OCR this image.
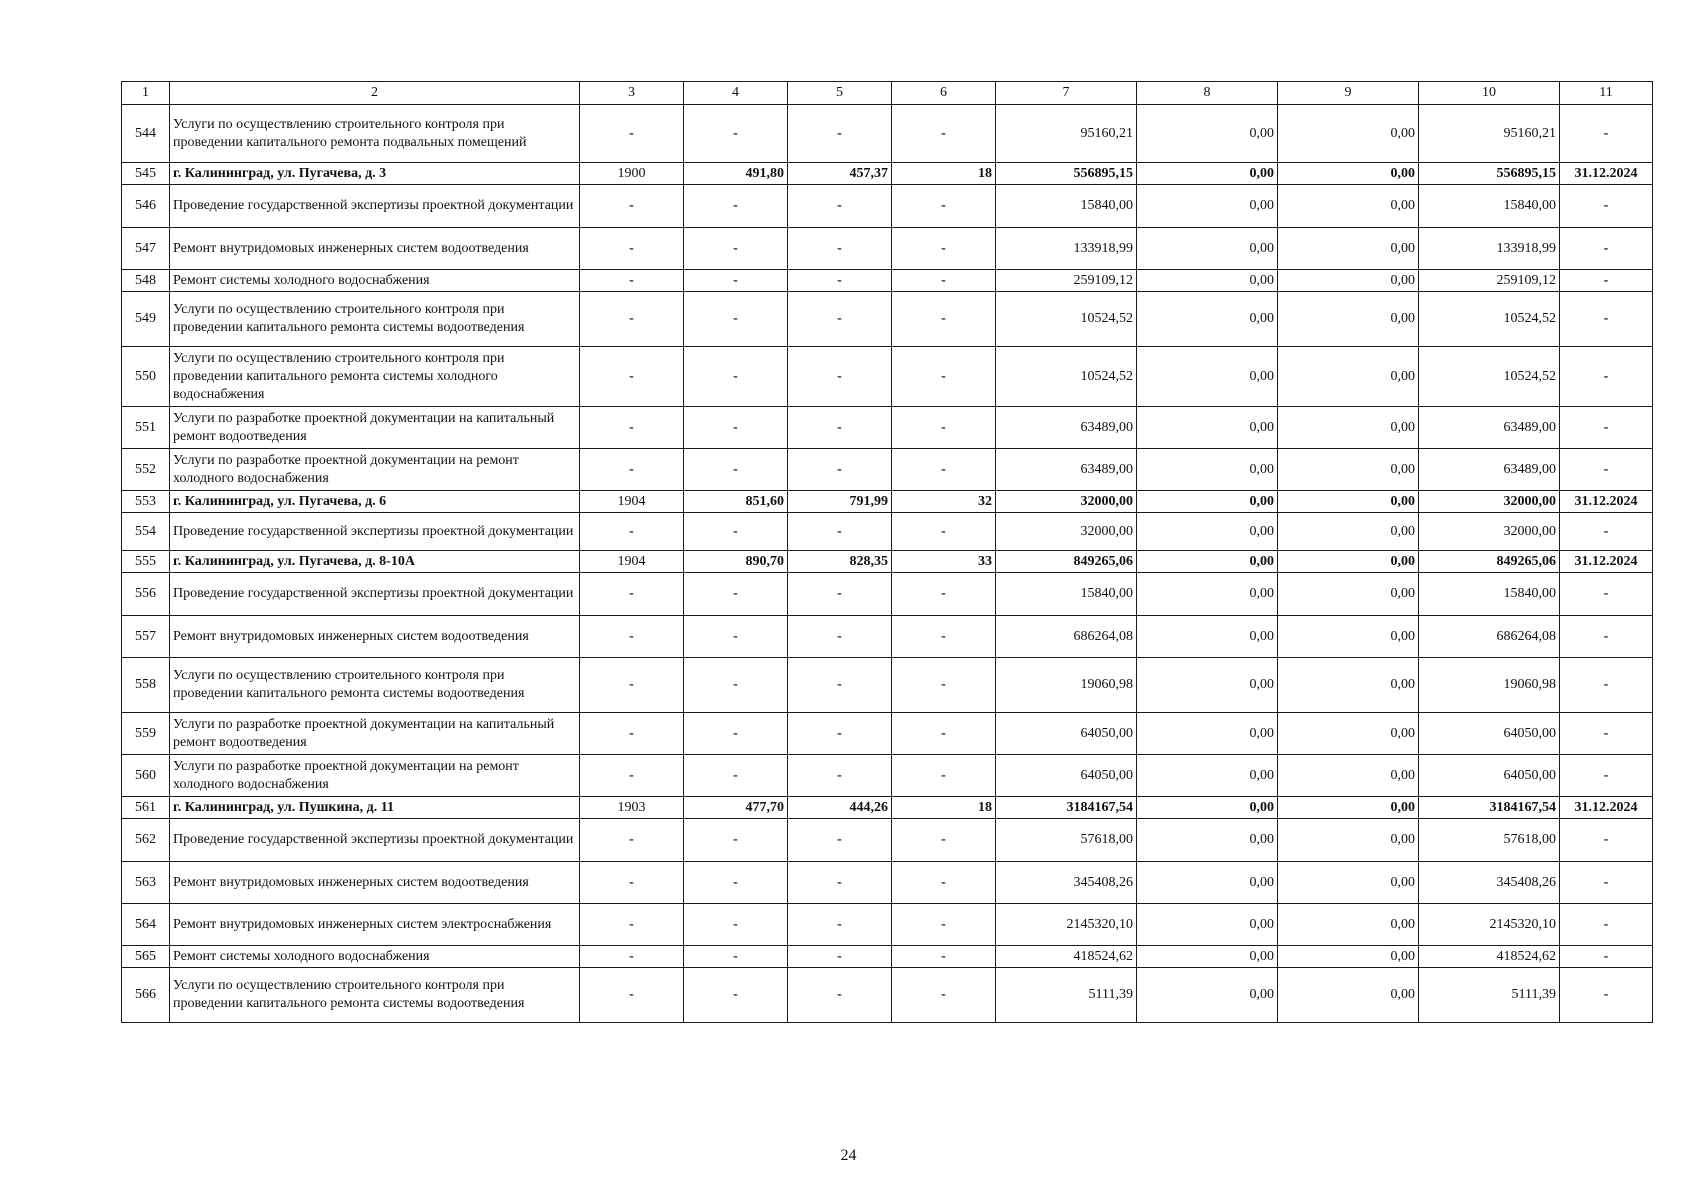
1	2	3	4	5	6	7	8	9	10	11
544	Услуги по осуществлению строительного контроля при проведении капитального ремонта подвальных помещений	-	-	-	-	95160,21	0,00	0,00	95160,21	-
545	г. Калининград, ул. Пугачева, д. 3	1900	491,80	457,37	18	556895,15	0,00	0,00	556895,15	31.12.2024
546	Проведение государственной экспертизы проектной документации	-	-	-	-	15840,00	0,00	0,00	15840,00	-
547	Ремонт внутридомовых инженерных систем водоотведения	-	-	-	-	133918,99	0,00	0,00	133918,99	-
548	Ремонт системы холодного водоснабжения	-	-	-	-	259109,12	0,00	0,00	259109,12	-
549	Услуги по осуществлению строительного контроля при проведении капитального ремонта системы водоотведения	-	-	-	-	10524,52	0,00	0,00	10524,52	-
550	Услуги по осуществлению строительного контроля при проведении капитального ремонта системы холодного водоснабжения	-	-	-	-	10524,52	0,00	0,00	10524,52	-
551	Услуги по разработке проектной документации на капитальный ремонт водоотведения	-	-	-	-	63489,00	0,00	0,00	63489,00	-
552	Услуги по разработке проектной документации на ремонт холодного водоснабжения	-	-	-	-	63489,00	0,00	0,00	63489,00	-
553	г. Калининград, ул. Пугачева, д. 6	1904	851,60	791,99	32	32000,00	0,00	0,00	32000,00	31.12.2024
554	Проведение государственной экспертизы проектной документации	-	-	-	-	32000,00	0,00	0,00	32000,00	-
555	г. Калининград, ул. Пугачева, д. 8-10А	1904	890,70	828,35	33	849265,06	0,00	0,00	849265,06	31.12.2024
556	Проведение государственной экспертизы проектной документации	-	-	-	-	15840,00	0,00	0,00	15840,00	-
557	Ремонт внутридомовых инженерных систем водоотведения	-	-	-	-	686264,08	0,00	0,00	686264,08	-
558	Услуги по осуществлению строительного контроля при проведении капитального ремонта системы водоотведения	-	-	-	-	19060,98	0,00	0,00	19060,98	-
559	Услуги по разработке проектной документации на капитальный ремонт водоотведения	-	-	-	-	64050,00	0,00	0,00	64050,00	-
560	Услуги по разработке проектной документации на ремонт холодного водоснабжения	-	-	-	-	64050,00	0,00	0,00	64050,00	-
561	г. Калининград, ул. Пушкина, д. 11	1903	477,70	444,26	18	3184167,54	0,00	0,00	3184167,54	31.12.2024
562	Проведение государственной экспертизы проектной документации	-	-	-	-	57618,00	0,00	0,00	57618,00	-
563	Ремонт внутридомовых инженерных систем водоотведения	-	-	-	-	345408,26	0,00	0,00	345408,26	-
564	Ремонт внутридомовых инженерных систем электроснабжения	-	-	-	-	2145320,10	0,00	0,00	2145320,10	-
565	Ремонт системы холодного водоснабжения	-	-	-	-	418524,62	0,00	0,00	418524,62	-
566	Услуги по осуществлению строительного контроля при проведении капитального ремонта системы водоотведения	-	-	-	-	5111,39	0,00	0,00	5111,39	-
24
